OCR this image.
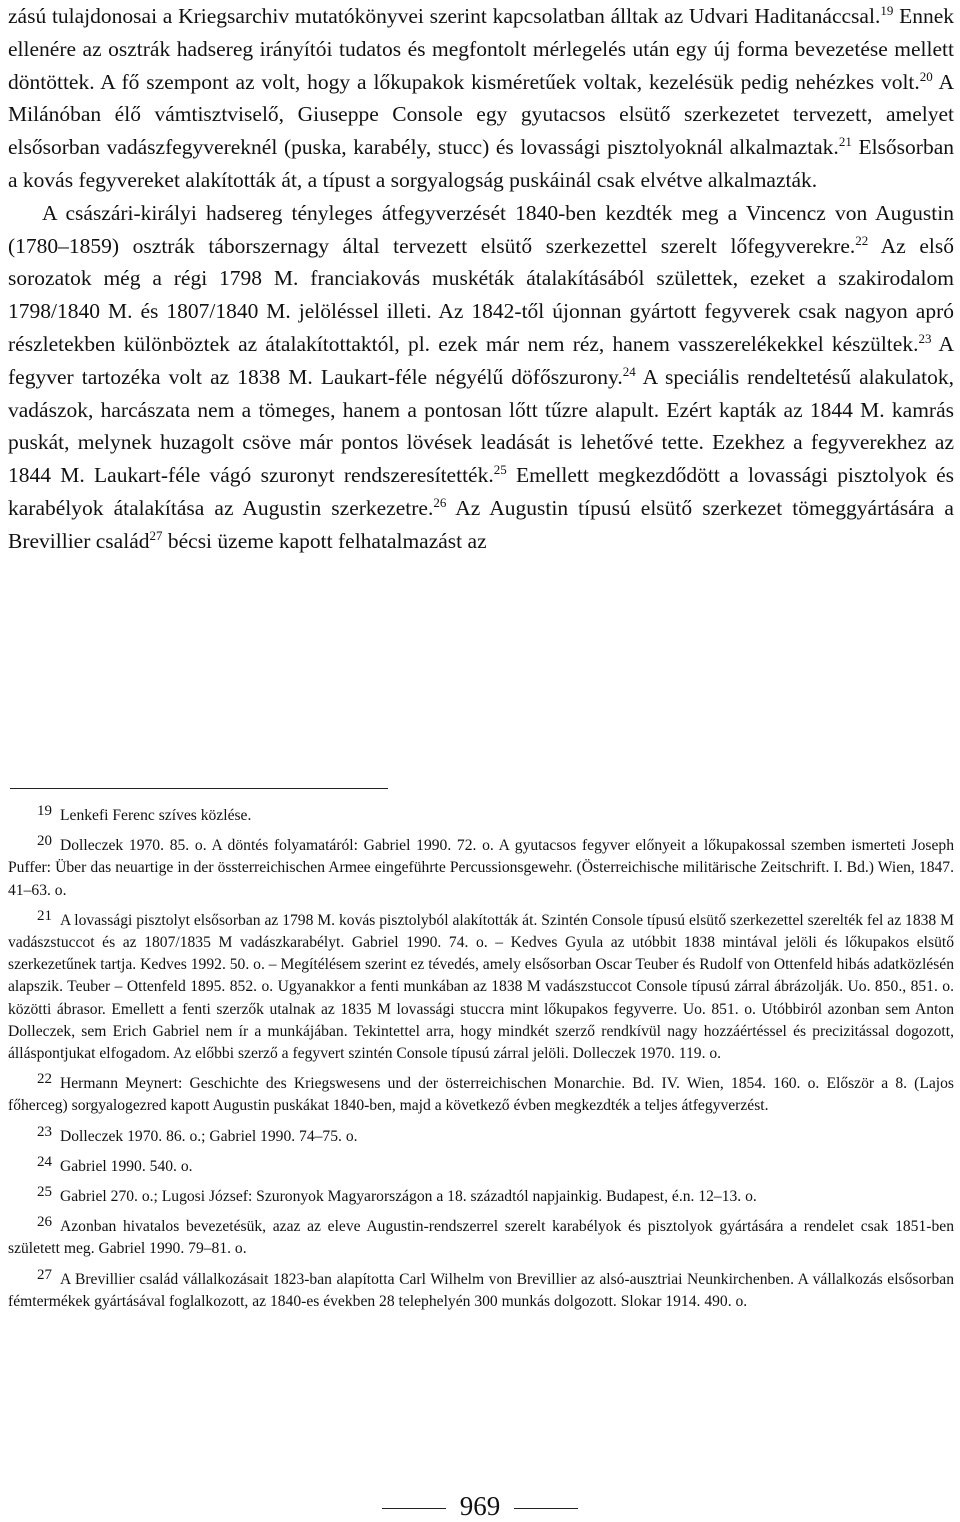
zású tulajdonosai a Kriegsarchiv mutatókönyvei szerint kapcsolatban álltak az Udvari Haditanáccsal.$^{19}$ Ennek ellenére az osztrák hadsereg irányítói tudatos és megfontolt mérlegelés után egy új forma bevezetése mellett döntöttek. A fő szempont az volt, hogy a lőkupakok kisméretűek voltak, kezelésük pedig nehézkes volt.$^{20}$ A Milánóban élő vámtisztviselő, Giuseppe Console egy gyutacsos elsütő szerkezetet tervezett, amelyet elsősorban vadászfegyvereknél (puska, karabély, stucc) és lovassági pisztolyoknál alkalmaztak.$^{21}$ Elsősorban a kovás fegyvereket alakították át, a típust a sorgyalogság puskáinál csak elvétve alkalmazták.

A császári-királyi hadsereg tényleges átfegyverzését 1840-ben kezdték meg a Vincencz von Augustin (1780–1859) osztrák táborszernagy által tervezett elsütő szerkezettel szerelt lőfegyverekre.$^{22}$ Az első sorozatok még a régi 1798 M. franciakovás muskéták átalakításából születtek, ezeket a szakirodalom 1798/1840 M. és 1807/1840 M. jelöléssel illeti. Az 1842-től újonnan gyártott fegyverek csak nagyon apró részletekben különböztek az átalakítottaktól, pl. ezek már nem réz, hanem vasszerelékekkel készültek.$^{23}$ A fegyver tartozéka volt az 1838 M. Laukart-féle négyélű döfőszurony.$^{24}$ A speciális rendeltetésű alakulatok, vadászok, harcászata nem a tömeges, hanem a pontosan lőtt tűzre alapult. Ezért kapták az 1844 M. kamrás puskát, melynek huzagolt csöve már pontos lövések leadását is lehetővé tette. Ezekhez a fegyverekhez az 1844 M. Laukart-féle vágó szuronyt rendszeresítették.$^{25}$ Emellett megkezdődött a lovassági pisztolyok és karabélyok átalakítása az Augustin szerkezetre.$^{26}$ Az Augustin típusú elsütő szerkezet tömeggyártására a Brevillier család$^{27}$ bécsi üzeme kapott felhatalmazást az

19 Lenkefi Ferenc szíves közlése.

20 Dolleczek 1970. 85. o. A döntés folyamatáról: Gabriel 1990. 72. o. A gyutacsos fegyver előnyeit a lőkupakossal szemben ismerteti Joseph Puffer: Über das neuartige in der össterreichischen Armee eingeführte Percussionsgewehr. (Österreichische militärische Zeitschrift. I. Bd.) Wien, 1847. 41–63. o.

21 A lovassági pisztolyt elsősorban az 1798 M. kovás pisztolyból alakították át. Szintén Console típusú elsütő szerkezettel szerelték fel az 1838 M vadászstuccot és az 1807/1835 M vadászkarabélyt. Gabriel 1990. 74. o. – Kedves Gyula az utóbbit 1838 mintával jelöli és lőkupakos elsütő szerkezetűnek tartja. Kedves 1992. 50. o. – Megítélésem szerint ez tévedés, amely elsősorban Oscar Teuber és Rudolf von Ottenfeld hibás adatközlésén alapszik. Teuber – Ottenfeld 1895. 852. o. Ugyanakkor a fenti munkában az 1838 M vadászstuccot Console típusú zárral ábrázolják. Uo. 850., 851. o. közötti ábrasor. Emellett a fenti szerzők utalnak az 1835 M lovassági stuccra mint lőkupakos fegyverre. Uo. 851. o. Utóbbiról azonban sem Anton Dolleczek, sem Erich Gabriel nem ír a munkájában. Tekintettel arra, hogy mindkét szerző rendkívül nagy hozzáértéssel és precizitással dogozott, álláspontjukat elfogadom. Az előbbi szerző a fegyvert szintén Console típusú zárral jelöli. Dolleczek 1970. 119. o.

22 Hermann Meynert: Geschichte des Kriegswesens und der österreichischen Monarchie. Bd. IV. Wien, 1854. 160. o. Először a 8. (Lajos főherceg) sorgyalogezred kapott Augustin puskákat 1840-ben, majd a következő évben megkezdték a teljes átfegyverzést.

23 Dolleczek 1970. 86. o.; Gabriel 1990. 74–75. o.

24 Gabriel 1990. 540. o.

25 Gabriel 270. o.; Lugosi József: Szuronyok Magyarországon a 18. századtól napjainkig. Budapest, é.n. 12–13. o.

26 Azonban hivatalos bevezetésük, azaz az eleve Augustin-rendszerrel szerelt karabélyok és pisztolyok gyártására a rendelet csak 1851-ben született meg. Gabriel 1990. 79–81. o.

27 A Brevillier család vállalkozásait 1823-ban alapította Carl Wilhelm von Brevillier az alsó-ausztriai Neunkirchenben. A vállalkozás elsősorban fémtermékek gyártásával foglalkozott, az 1840-es években 28 telephelyén 300 munkás dolgozott. Slokar 1914. 490. o.

969
